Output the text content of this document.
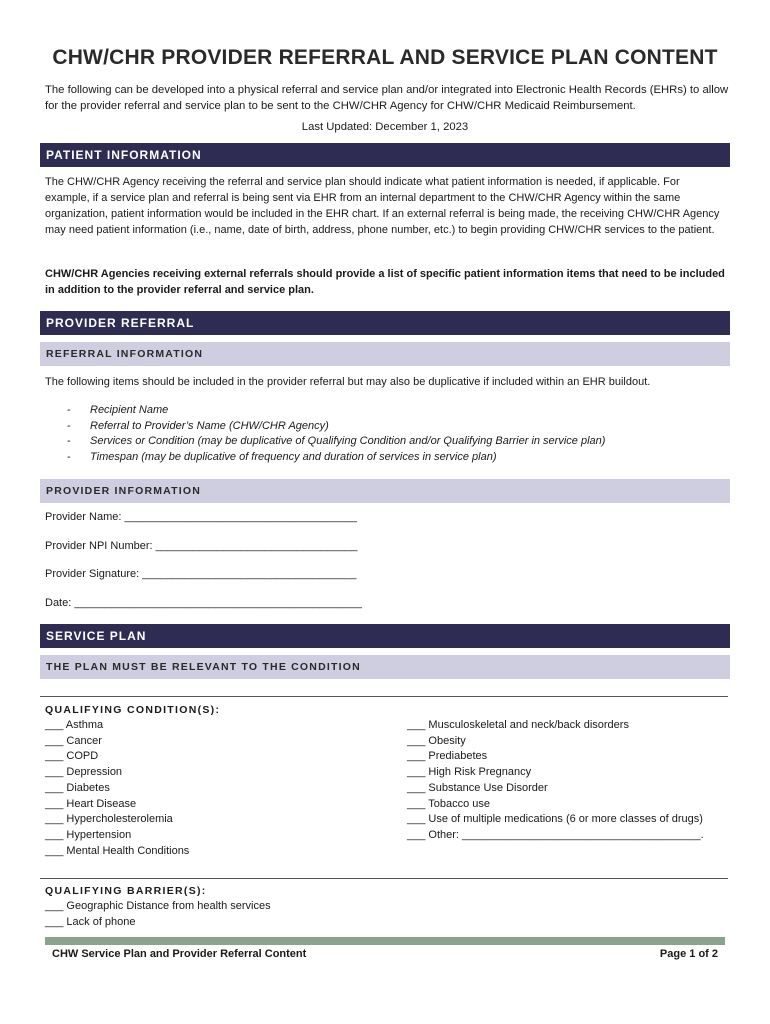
CHW/CHR PROVIDER REFERRAL AND SERVICE PLAN CONTENT
The following can be developed into a physical referral and service plan and/or integrated into Electronic Health Records (EHRs) to allow for the provider referral and service plan to be sent to the CHW/CHR Agency for CHW/CHR Medicaid Reimbursement.
Last Updated: December 1, 2023
PATIENT INFORMATION
The CHW/CHR Agency receiving the referral and service plan should indicate what patient information is needed, if applicable. For example, if a service plan and referral is being sent via EHR from an internal department to the CHW/CHR Agency within the same organization, patient information would be included in the EHR chart. If an external referral is being made, the receiving CHW/CHR Agency may need patient information (i.e., name, date of birth, address, phone number, etc.) to begin providing CHW/CHR services to the patient.
CHW/CHR Agencies receiving external referrals should provide a list of specific patient information items that need to be included in addition to the provider referral and service plan.
PROVIDER REFERRAL
REFERRAL INFORMATION
The following items should be included in the provider referral but may also be duplicative if included within an EHR buildout.
-	Recipient Name
-	Referral to Provider’s Name (CHW/CHR Agency)
-	Services or Condition (may be duplicative of Qualifying Condition and/or Qualifying Barrier in service plan)
-	Timespan (may be duplicative of frequency and duration of services in service plan)
PROVIDER INFORMATION
Provider Name: ______________________________________
Provider NPI Number: _________________________________
Provider Signature: ___________________________________
Date: _______________________________________________
SERVICE PLAN
THE PLAN MUST BE RELEVANT TO THE CONDITION
QUALIFYING CONDITION(S):
___ Asthma
___ Cancer
___ COPD
___ Depression
___ Diabetes
___ Heart Disease
___ Hypercholesterolemia
___ Hypertension
___ Mental Health Conditions
___ Musculoskeletal and neck/back disorders
___ Obesity
___ Prediabetes
___ High Risk Pregnancy
___ Substance Use Disorder
___ Tobacco use
___ Use of multiple medications (6 or more classes of drugs)
___ Other: _______________________________________.
QUALIFYING BARRIER(S):
___ Geographic Distance from health services
___ Lack of phone
CHW Service Plan and Provider Referral Content	Page 1 of 2
